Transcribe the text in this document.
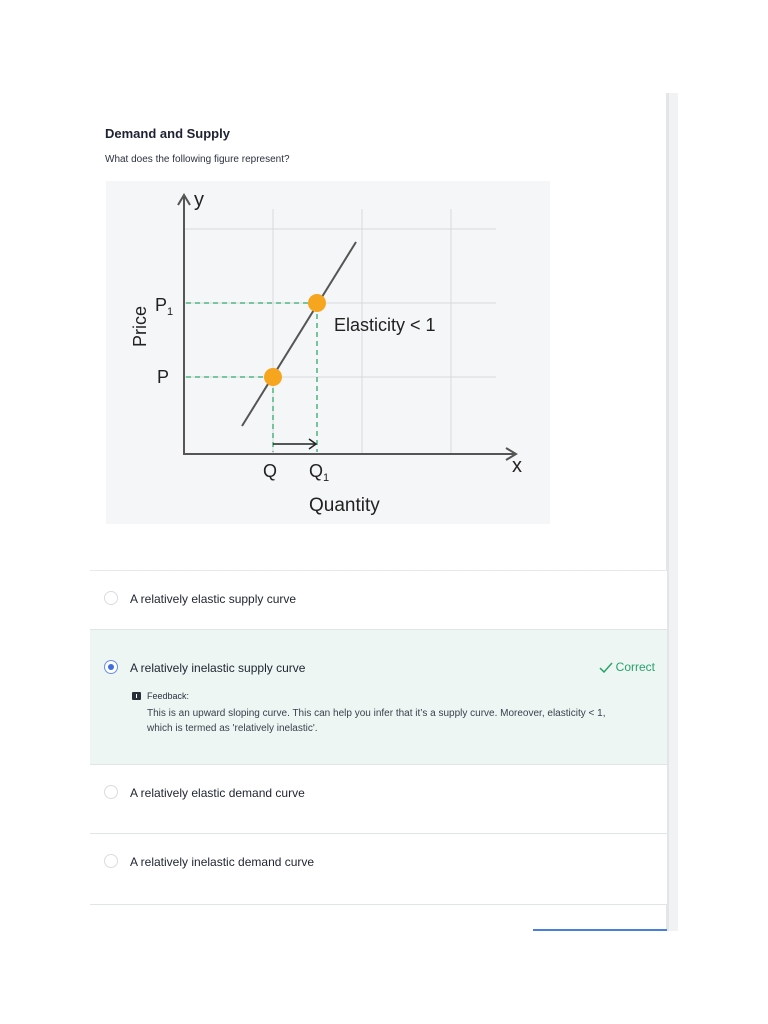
Demand and Supply
What does the following figure represent?
y
x
Price
Quantity
$P_1$
P
Q $Q_1$
Elasticity < 1
A relatively elastic supply curve
A relatively inelastic supply curve	Correct
Feedback:
This is an upward sloping curve. This can help you infer that it’s a supply curve. Moreover, elasticity < 1, which is termed as 'relatively inelastic'.
A relatively elastic demand curve
A relatively inelastic demand curve
